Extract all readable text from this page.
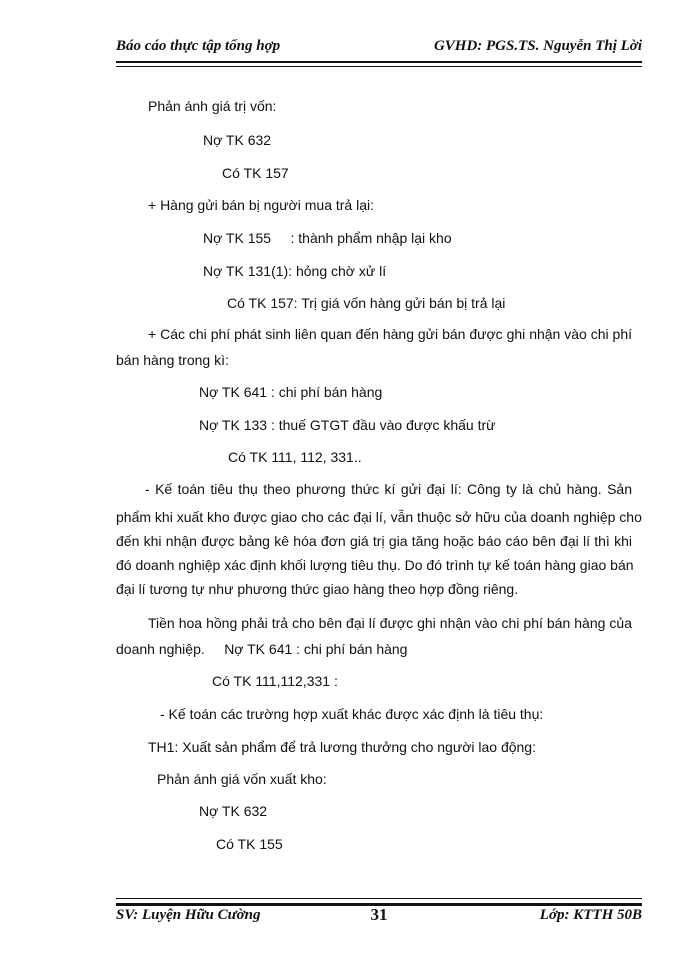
Báo cáo thực tập tổng hợp	GVHD: PGS.TS. Nguyễn Thị Lời
Phản ánh giá trị vốn:
Nợ TK 632
Có TK 157
+ Hàng gửi bán bị người mua trả lại:
Nợ TK 155     : thành phẩm nhập lại kho
Nợ TK 131(1): hỏng chờ xử lí
Có TK 157: Trị giá vốn hàng gửi bán bị trả lại
+ Các chi phí phát sinh liên quan đến hàng gửi bán được ghi nhận vào chi phí
bán hàng trong kì:
Nợ TK 641 : chi phí bán hàng
Nợ TK 133 : thuế GTGT đầu vào được khấu trừ
Có TK 111, 112, 331..
- Kế toán tiêu thụ theo phương thức kí gửi đại lí: Công ty là chủ hàng. Sản
phẩm khi xuất kho được giao cho các đại lí, vẫn thuộc sở hữu của doanh nghiệp cho
đến khi nhận được bảng kê hóa đơn giá trị gia tăng hoặc báo cáo bên đại lí thì khi
đó doanh nghiệp xác định khối lượng tiêu thụ. Do đó trình tự kế toán hàng giao bán
đại lí tương tự như phương thức giao hàng theo hợp đồng riêng.
Tiền hoa hồng phải trả cho bên đại lí được ghi nhận vào chi phí bán hàng của
doanh nghiệp.     Nợ TK 641 : chi phí bán hàng
Có TK 111,112,331 :
- Kế toán các trường hợp xuất khác được xác định là tiêu thụ:
TH1: Xuất sản phẩm để trả lương thưởng cho người lao động:
Phản ánh giá vốn xuất kho:
Nợ TK 632
Có TK 155
SV: Luyện Hữu Cường	31	Lớp: KTTH 50B
